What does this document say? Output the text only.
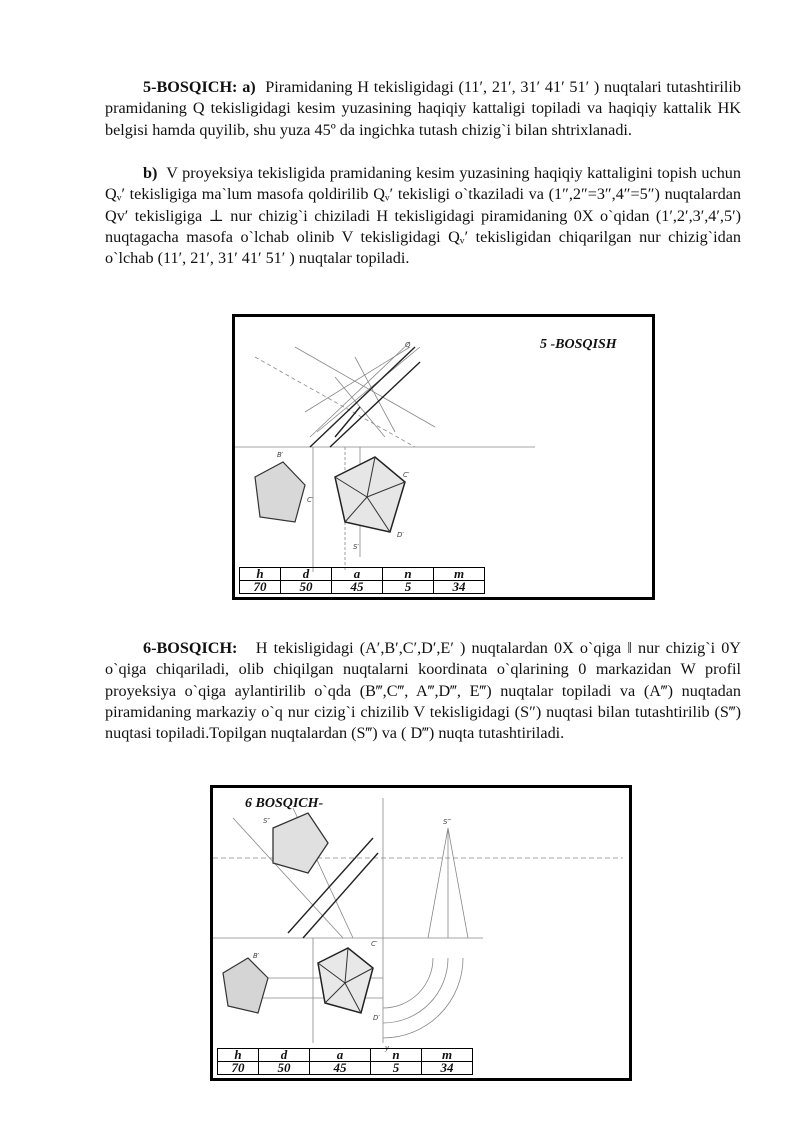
5-BOSQICH: a) Piramidaning H tekisligidagi (11′, 21′, 31′ 41′ 51′ ) nuqtalari tutashtirilib pramidaning Q tekisligidagi kesim yuzasining haqiqiy kattaligi topiladi va haqiqiy kattalik HK belgisi hamda quyilib, shu yuza 45º da ingichka tutash chizig`i bilan shtrixlanadi.

b) V proyeksiya tekisligida pramidaning kesim yuzasining haqiqiy kattaligini topish uchun Qᵥ′ tekisligiga ma`lum masofa qoldirilib Qᵥ′ tekisligi o`tkaziladi va (1″,2″=3″,4″=5″) nuqtalardan Qv′ tekisligiga ⊥ nur chizig`i chiziladi H tekisligidagi piramidaning 0X o`qidan (1′,2′,3′,4′,5′) nuqtagacha masofa o`lchab olinib V tekisligidagi Qᵥ′ tekisligidan chiqarilgan nur chizig`idan o`lchab (11′, 21′, 31′ 41′ 51′ ) nuqtalar topiladi.

Q
B′
C′
C′
D′
S′
5 -BOSQISH
h	d	a	n	m
70	50	45	5	34

6-BOSQICH: H tekisligidagi (A′,B′,C′,D′,E′ ) nuqtalardan 0X o`qiga ‖ nur chizig`i 0Y o`qiga chiqariladi, olib chiqilgan nuqtalarni koordinata o`qlarining 0 markazidan W profil proyeksiya o`qiga aylantirilib o`qda (B‴,C‴, A‴,D‴, E‴) nuqtalar topiladi va (A‴) nuqtadan piramidaning markaziy o`q nur cizig`i chizilib V tekisligidagi (S″) nuqtasi bilan tutashtirilib (S‴) nuqtasi topiladi.Topilgan nuqtalardan (S‴) va ( D‴) nuqta tutashtiriladi.

S″	S‴
C′
B′
D′
y
6 BOSQICH-
h	d	a	n	m
70	50	45	5	34
